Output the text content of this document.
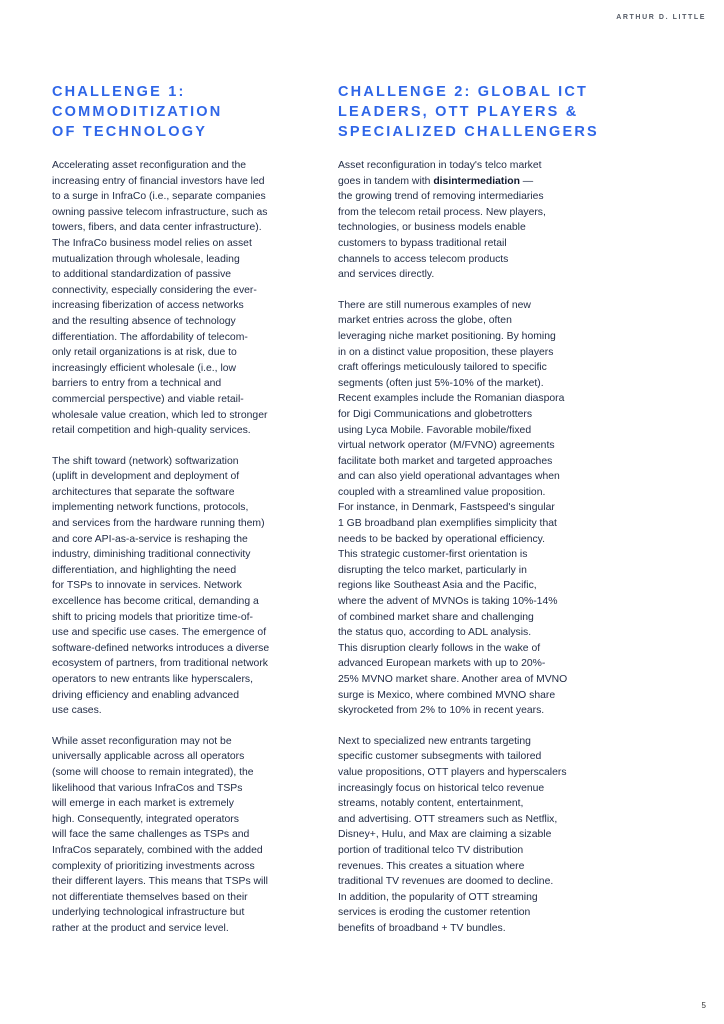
ARTHUR D. LITTLE
CHALLENGE 1:
COMMODITIZATION
OF TECHNOLOGY

Accelerating asset reconfiguration and the
increasing entry of financial investors have led
to a surge in InfraCo (i.e., separate companies
owning passive telecom infrastructure, such as
towers, fibers, and data center infrastructure).
The InfraCo business model relies on asset
mutualization through wholesale, leading
to additional standardization of passive
connectivity, especially considering the ever-
increasing fiberization of access networks
and the resulting absence of technology
differentiation. The affordability of telecom-
only retail organizations is at risk, due to
increasingly efficient wholesale (i.e., low
barriers to entry from a technical and
commercial perspective) and viable retail-
wholesale value creation, which led to stronger
retail competition and high-quality services.

The shift toward (network) softwarization
(uplift in development and deployment of
architectures that separate the software
implementing network functions, protocols,
and services from the hardware running them)
and core API-as-a-service is reshaping the
industry, diminishing traditional connectivity
differentiation, and highlighting the need
for TSPs to innovate in services. Network
excellence has become critical, demanding a
shift to pricing models that prioritize time-of-
use and specific use cases. The emergence of
software-defined networks introduces a diverse
ecosystem of partners, from traditional network
operators to new entrants like hyperscalers,
driving efficiency and enabling advanced
use cases.

While asset reconfiguration may not be
universally applicable across all operators
(some will choose to remain integrated), the
likelihood that various InfraCos and TSPs
will emerge in each market is extremely
high. Consequently, integrated operators
will face the same challenges as TSPs and
InfraCos separately, combined with the added
complexity of prioritizing investments across
their different layers. This means that TSPs will
not differentiate themselves based on their
underlying technological infrastructure but
rather at the product and service level.

CHALLENGE 2: GLOBAL ICT
LEADERS, OTT PLAYERS &
SPECIALIZED CHALLENGERS

Asset reconfiguration in today's telco market
goes in tandem with disintermediation —
the growing trend of removing intermediaries
from the telecom retail process. New players,
technologies, or business models enable
customers to bypass traditional retail
channels to access telecom products
and services directly.

There are still numerous examples of new
market entries across the globe, often
leveraging niche market positioning. By homing
in on a distinct value proposition, these players
craft offerings meticulously tailored to specific
segments (often just 5%-10% of the market).
Recent examples include the Romanian diaspora
for Digi Communications and globetrotters
using Lyca Mobile. Favorable mobile/fixed
virtual network operator (M/FVNO) agreements
facilitate both market and targeted approaches
and can also yield operational advantages when
coupled with a streamlined value proposition.
For instance, in Denmark, Fastspeed's singular
1 GB broadband plan exemplifies simplicity that
needs to be backed by operational efficiency.
This strategic customer-first orientation is
disrupting the telco market, particularly in
regions like Southeast Asia and the Pacific,
where the advent of MVNOs is taking 10%-14%
of combined market share and challenging
the status quo, according to ADL analysis.
This disruption clearly follows in the wake of
advanced European markets with up to 20%-
25% MVNO market share. Another area of MVNO
surge is Mexico, where combined MVNO share
skyrocketed from 2% to 10% in recent years.

Next to specialized new entrants targeting
specific customer subsegments with tailored
value propositions, OTT players and hyperscalers
increasingly focus on historical telco revenue
streams, notably content, entertainment,
and advertising. OTT streamers such as Netflix,
Disney+, Hulu, and Max are claiming a sizable
portion of traditional telco TV distribution
revenues. This creates a situation where
traditional TV revenues are doomed to decline.
In addition, the popularity of OTT streaming
services is eroding the customer retention
benefits of broadband + TV bundles.

5
